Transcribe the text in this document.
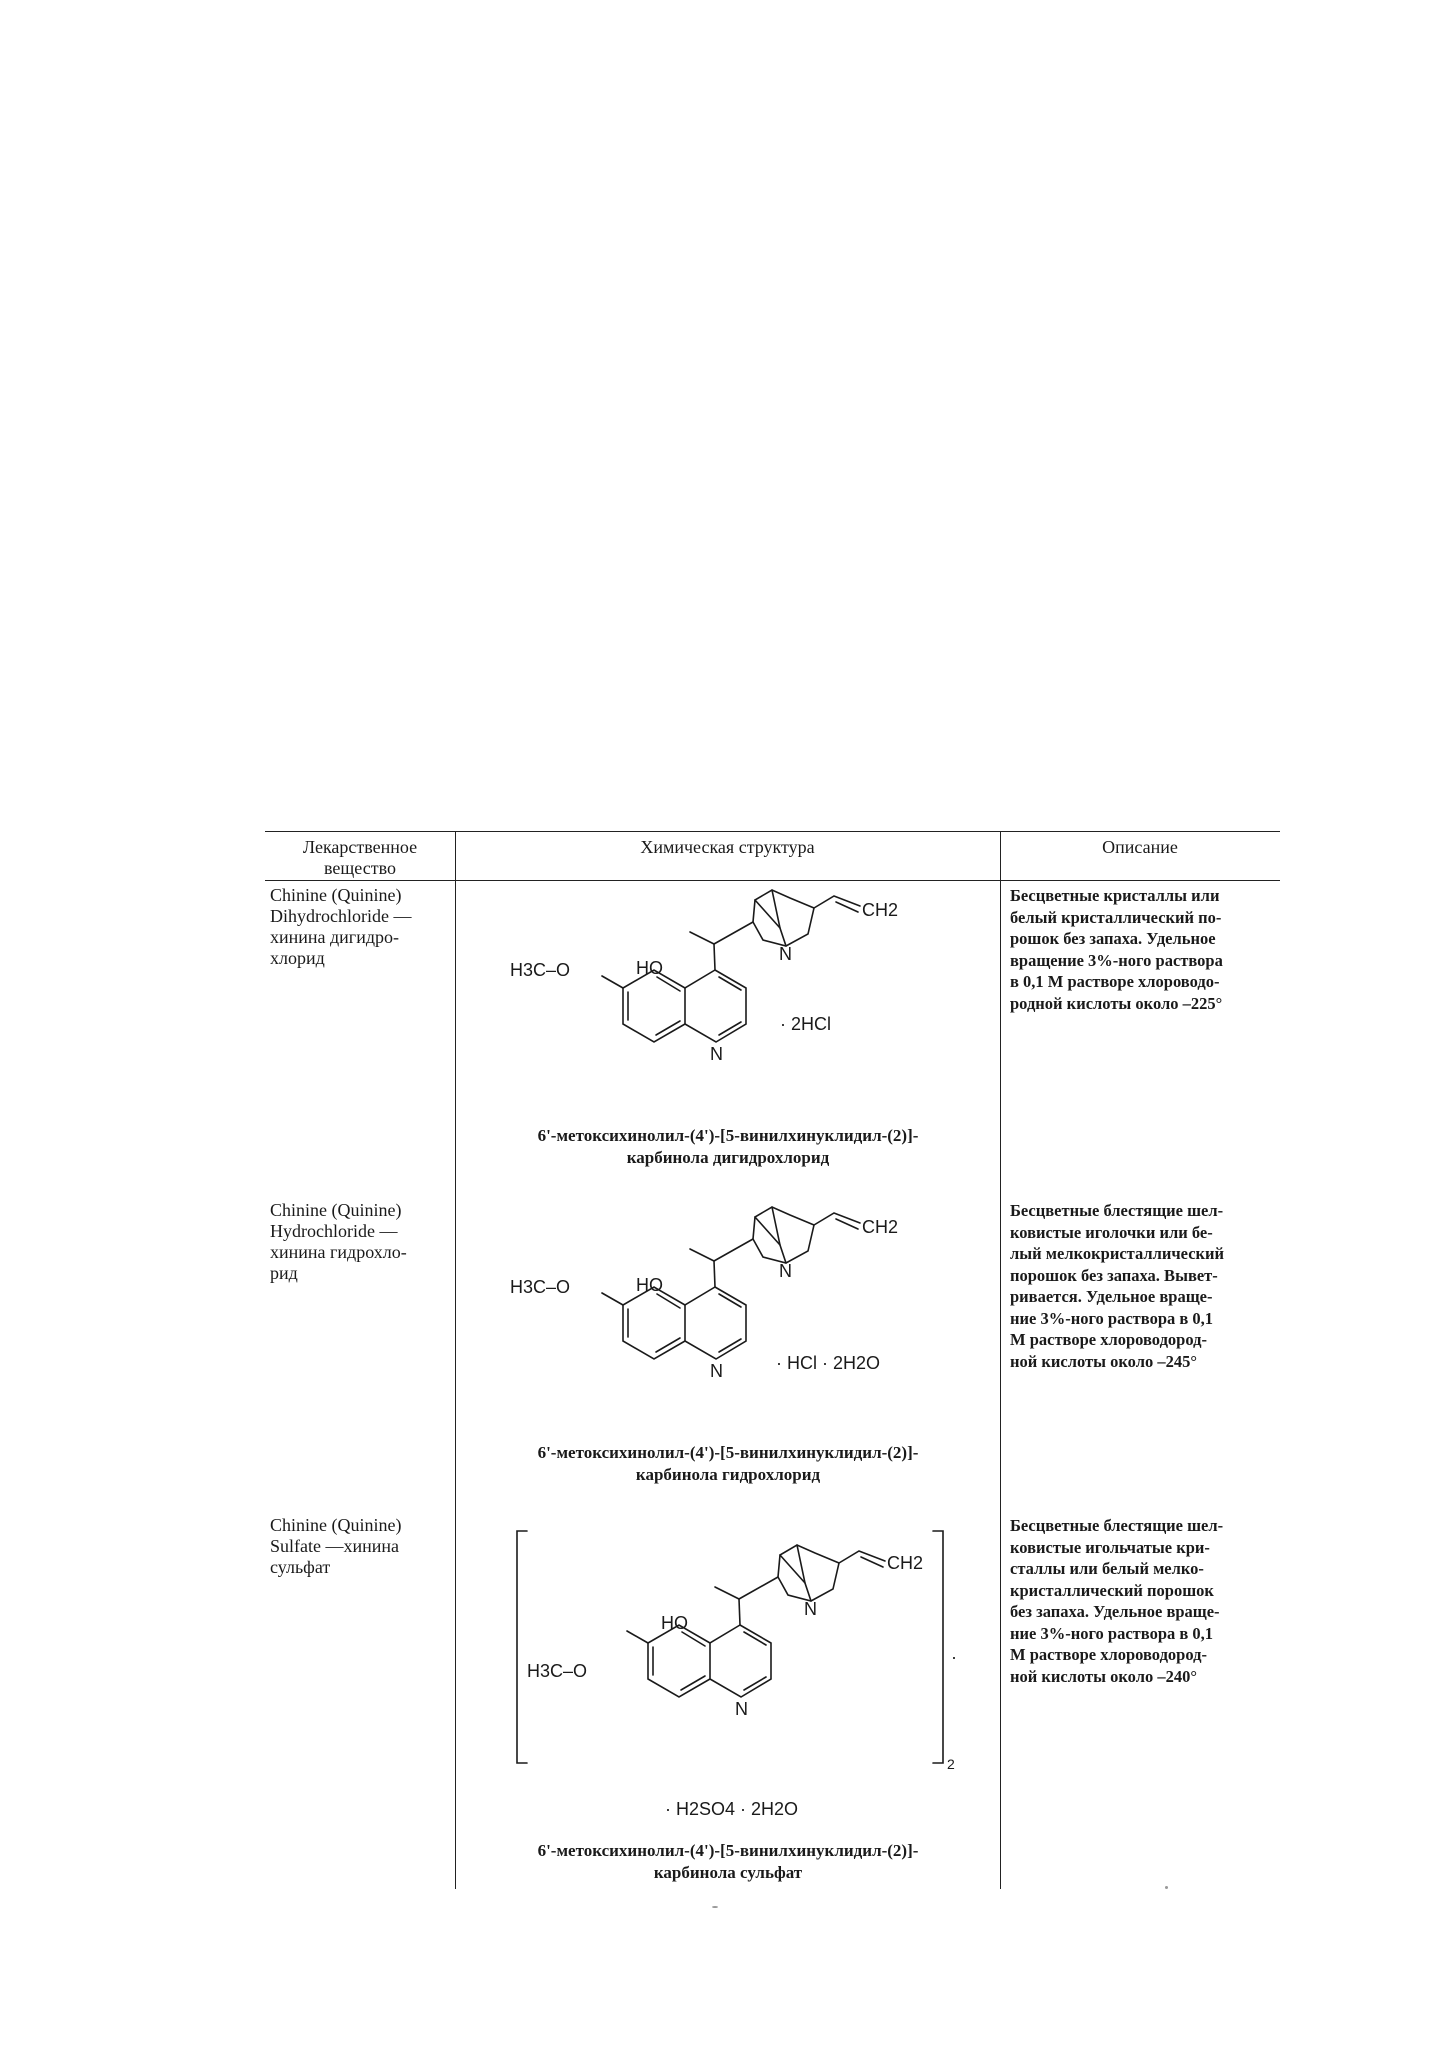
Лекарственное
вещество
Химическая структура	Описание
Chinine (Quinine)
Dihydrochloride —
хинина дигидро-
хлорид	HO
H3C–O
N
N
CH2
· 2HCl
6'-метоксихинолил-(4')-[5-винилхинуклидил-(2)]-
карбинола дигидрохлорид
Бесцветные кристаллы или
белый кристаллический по-
рошок без запаха. Удельное
вращение 3%-ного раствора
в 0,1 М растворе хлороводо-
родной кислоты около –225°
Chinine (Quinine)
Hydrochloride —
хинина гидрохло-
рид
HO
H3C–O
N
N
CH2
· HCl · 2H2O
6'-метоксихинолил-(4')-[5-винилхинуклидил-(2)]-
карбинола гидрохлорид
Бесцветные блестящие шел-
ковистые иголочки или бе-
лый мелкокристаллический
порошок без запаха. Вывет-
ривается. Удельное враще-
ние 3%-ного раствора в 0,1
М растворе хлороводород-
ной кислоты около –245°
Chinine (Quinine)
Sulfate —хинина
сульфат
HO
H3C–O
N
N
CH2
2
·
· H2SO4 · 2H2O
6'-метоксихинолил-(4')-[5-винилхинуклидил-(2)]-
карбинола сульфат
Бесцветные блестящие шел-
ковистые игольчатые кри-
сталлы или белый мелко-
кристаллический порошок
без запаха. Удельное враще-
ние 3%-ного раствора в 0,1
М растворе хлороводород-
ной кислоты около –240°
